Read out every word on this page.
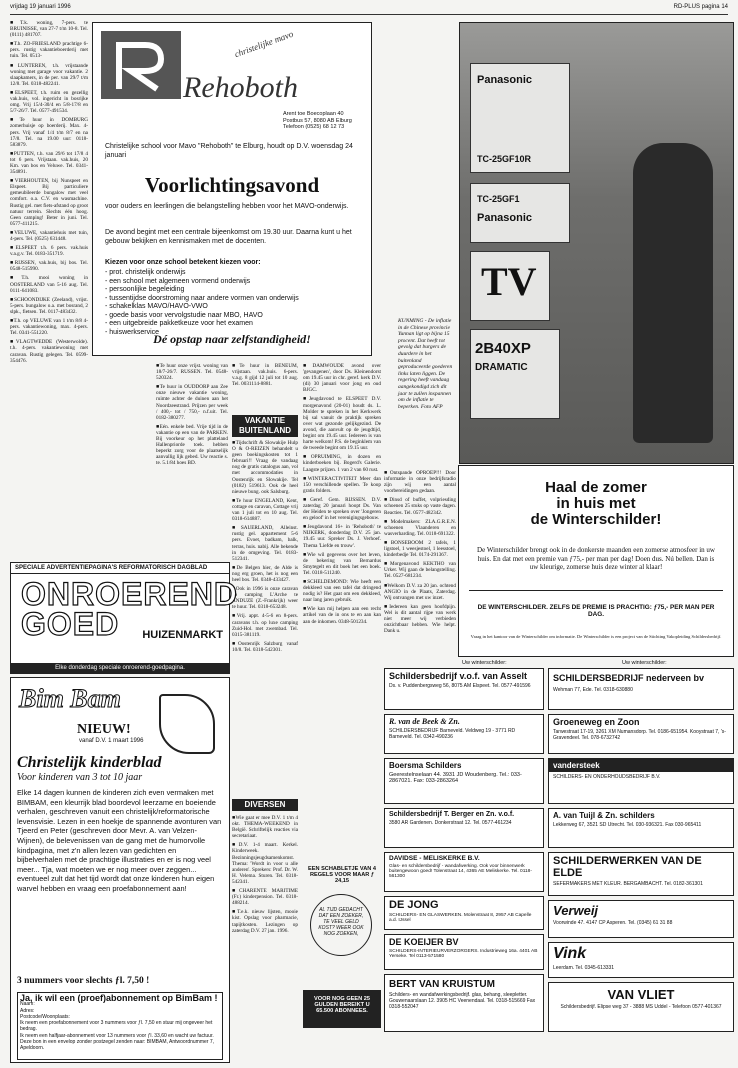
vrijdag 19 januari 1996	RD-PLUS pagina 14

■ T.k. woning, 7-pers. te BRUINISSE, van 27-7 t/m 10-8. Tel. (0111) 481707.

■ T.h. ZO-FRIESLAND prachtige 6-pers. rustig vakantieboerderij met tuin. Tel. 0513-

■ LUNTEREN, t.h. vrijstaande woning met garage voor vakantie. 2 slaapkamers, in de per. van 29/7 t/m 12/8. Tel. 0318-482241.

■ ELSPEET, t.h. ruim en gezellig vak.huis, vol. ingericht in bosrijke omg. Vrij 15/4-30/4 en 5/8-17/8 en 5/7-26/7. Tel. 0577-491534.

■ Te huur in DOMBURG zomerhuisje op boerderij. Max. 4-pers. Vrij vanaf 1/4 t/m 8/7 en na 17/8. Tel. na 19.00 uur: 0118-583879.

■ PUTTEN, t.h. van 29/6 tot 17/8 4 tot 6 pers. Vrijstaan. vak.huis, 20 Km. van bos en Veluwe. Tel. 0341-354891.

■ VIERHOUTEN, bij Nunspeet en Elspeet. Bij particuliere gemeubileerde bungalow met veel comfort. o.a. C.V. en wasmachine. Rustig gel. met fiets-afstand op groot natuur terrein. Slechts één hoog. Geen camping! Beter in juni. Tel. 0577-411215.

■ VELUWE, vakantiehuis met tuin, 4-pers. Tel. (0525) 631448.

■ ELSPEET t.h. 6 pers. vak.huis v.a.g.v. Tel. 0183-351719.

■ RIJSSEN, vak.huis, bij bos. Tel. 0548-515990.

■ T.h. mooi woning in OOSTERLAND van 5-16 aug. Tel. 0111-641083.

■ SCHOONDIJKE (Zeeland), vrijst. 5-pers. bungalow o.a. met bosrand, 2 slpk., fietsen. Tel. 0117-483432.

■ T.h. op VELUWE van 1 t/m 8/8 4-pers. vakantiewoning, max. 4-pers. Tel. 0341-551220.

■ VLAGTWEDDE (Westerwolde). t.h. 4-pers. vakantiewoning met caravan. Rustig gelegen. Tel. 0599-354476.

christelijke mavo
Rehoboth
Arent toe Boecoplaan 40
Postbus 57, 8080 AB Elburg
Telefoon (0525) 68 12 73
Christelijke school voor Mavo "Rehoboth" te Elburg, houdt op D.V. woensdag 24 januari
Voorlichtingsavond
voor ouders en leerlingen die belangstelling hebben voor het MAVO-onderwijs.
De avond begint met een centrale bijeenkomst om 19.30 uur. Daarna kunt u het gebouw bekijken en kennismaken met de docenten.
Kiezen voor onze school betekent kiezen voor:
- prot. christelijk onderwijs
- een school met algemeen vormend onderwijs
- persoonlijke begeleiding
- tussentijdse doorstroming naar andere vormen van onderwijs
- schakelklas MAVO/HAVO-VWO
- goede basis voor vervolgstudie naar MBO, HAVO
- een uitgebreide pakketkeuze voor het examen
- huiswerkservice
Dé opstap naar zelfstandigheid!
Panasonic
TC-25GF10R
TC-25GF1
Panasonic
TV
2B40XP
DRAMATIC
KUNMING - De inflatie in de Chinese provincie Yunnan ligt op bijna 15 procent. Dat heeft tot gevolg dat burgers de duurdere in het buitenland geproduceerde goederen links laten liggen. De regering heeft vandaag aangekondigd zich dit jaar te zullen inspannen om de inflatie te beperken. Foto AFP

■ Te huur onze vrijst. woning van 18/7-26/7. RUSSEN. Tel. 0548-520324.

■ Te huur in OUDDORP aan Zee onze nieuwe vakantie woning, ruimte achter de duinen aan het Noordzeestrand. Prijzen per week / 400,- tot / 750,- n.f.uit. Tel. 0182-380277.

■ Eén. enkele bed. Vrije tijd in de vakantie op een van de PARKEN. Bij voorkeur op het platteland Hallenpriorde toek. hebben beperkt zorg voor de plaatselijk aanvallig lijk gebed. Uw reactie s. te. 5.1/84 hoes BD.

VAKANTIE BUITENLAND

■ Te huur in BENEUM, vrijstaan. vak.huis. 6-pers. v.a.g. 8 gijd 12 juli tot 10 aug. Tel. 0031114-8881.

■ Tijdschrift & Slowakije Hulp O & O-REIZEN behandelt u geen boekingskosten tot 1 februari!! Vraag de vandaag nog de gratis catalogus aan, vol met accommodaties in Oostenrijk en Slowakije. Tel (0182) 519613. Ook de heel nieuwe bung. ook Salsburg.

■ Te huur ENGELAND, Kent, cottage en caravan, Cottage vrij van 1 juli tot en 10 aug. Tel. 0318-614887.

■ SAUERLAND, Alleinst. rustig gel. appartement 5-6 pers. Evoet, badkam, balk, terras, huis. nabij. Alle bekende in de omgeving. Tel. 0183-512341.

■ De Belgen hier, de Alde is nog erg groen, het is nog een heel bos. Tel. 0348-433427.

■ Ook in 1996 is onze caravan op camping L'Arche te ANDUZE (Z.-Frankrijk) weer te huur. Tel. 0318-653248.

■ Vrij. appt. 4-5-6 en 8-pers. caravans t.h. op luxe camping Zuid-Hol. met zwembad. Tel. 0315-381119.

■ Oostenrijk Salzburg vanaf 10/8. Tel. 0318-542301.

DIVERSEN

■ Wie gaat er mee D.V. 1 t/m 4 okt. THEMA-WEEKEND in België. Schriftelijk reacties via secretariaat.

■ D.V. 1-4 maart. Kerkel. Kinderweek. Bezinningsjeugdsamenkomst. Thema: 'Wordt in voor u alle anderen'. Sprekers: Prof. Dr. W. H. Velema. Sturen. Tel. 0318-542341.

■ CHARENTE MARITIME (Fr.) kinderpension. Tel. 0318-488214.

■ T.e.k. nieuw lijsten, mooie kist. Opslag voor pharmacie, tapijtkosten. Lezingen op zaterdag D.V. 27 jan. 1996.

■ DAMWOUDE avond over 'gevangenen', door Ds. Kleinendorst om 19.45 uur in chr. geref. kerk D.V. (di) 30 januari voor jong en oud BJGC.

■ Jeugdavond te ELSPEET D.V. morgenavond (20-01) houdt ds. L. Molder te spreken in het Kerkwerk bij sal vanuit de praktijk spreken over wat gezonde gelijkgezind. De avond, die aanvult op de jeugdtijd, begint om 19.45 uur. Iedereen is van harte welkom! P.S. de beginklem van de tweede begint om 19.15 uur.

■ OPRUIMING, in dozen en kinderboeken bij. Bogerd's Galerie. Laagste prijzen. 1 van 2 van 60 rust.

■ WINTERACTIVITEIT Meer dan 150 verschillende spellen. Te koop gratis folders.

■ Geref. Gem. RIJSSEN. D.V. zaterdag 20 januari hoopt Ds. Van der Heiden te spreken over 'Jongeren en geloof' in het verenigingsgebouw.

■ Jeugdavond 16+ in 'Rehoboth' te NIJKERK, donderdag D.V. 25 jan. 19.45 uur. Spreker Ds. J. Verhoef. Thema 'Liefde en trouw'.

■ Wie wil gegevens over het leven, de bekering van Bernardus Smytegelt en dit boek het een boek. Tel. 0318-511240.

■ SCHELDEMOND: Wie heeft een dekkleed van een tafel dat dringend nodig is? Het gaat om een dekkleed, naar lang jaren gebruik.

■ Wie kan mij helpen aan een recht artikel van de in ons te en aan kan aan de inkomen. 0348-501234.

EEN SCHABLETJE VAN 4 REGELS VOOR MAAR ƒ 24,15
AL TIJD GEDACHT DAT EEN ZOEKER, TE VEEL GELD KOST? WEER OOK NOG ZOEKEN,
VOOR NOG GEEN 25 GULDEN BEREIKT U 65.500 ABONNEES.

■ Ontspande OPROEP!!! Door informatie in onze bedrijfsradio zijn wij een aantal voorbereidingen gedaan.

■ Dinsd of buffet, volpriesding schoenen 25 stuks op vaste dagen. Reacties. Tel. 0577-482342.

■ Modelmakers: ZLA.G.R.E.N. schoenen Vlaanderen en wasverharding. Tel. 0118-691322.

■ BONSEBOOM 2 tafels, 1 ligstoel, 1 weesjestoel, 1 leesstoel, kinderbedje Tel. 0174-291367.

■ Morgenavond KEKTHO van Urker. Wij gaan de belangstelling. Tel. 0527-681234.

■ Welkom D.V. za 20 jan. ochtend ANGIO in de Plaats, Zaterdag. Wij ontvangen met uw inzet.

■ Iedereen kan geen hoofdpijn. Wel is dit aantal rijpe van werk niet meer wij verbieden onzichtbaar hebben. Wie helpt. Dank u.

SPECIALE ADVERTENTIEPAGINA'S REFORMATORISCH DAGBLAD
ONROEREND GOED	HUIZENMARKT
Elke donderdag speciale onroerend-goedpagina.
Bim Bam
NIEUW!
vanaf D.V. 1 maart 1996
Christelijk kinderblad
Voor kinderen van 3 tot 10 jaar
Elke 14 dagen kunnen de kinderen zich even vermaken met BIMBAM, een kleurrijk blad boordevol leerzame en boeiende verhalen, geschreven vanuit een christelijk/reformatorische levensvisie. Lezen in een hoekje de spannende avonturen van Tjeerd en Peter (geschreven door Mevr. A. van Velzen-Wijnen), de belevenissen van de gang met de humorvolle kindpagina, met z'n allen lezen van gedichten en bijbelverhalen met de prachtige illustraties en er is nog veel meer... Tja, wat moeten we er nog meer over zeggen... eventueel zult dat het tijd wordt dat onze kinderen hun eigen warvel hebben en vraag een proefabonnement aan!
3 nummers voor slechts ƒl. 7,50 !
Ja, ik wil een (proef)abonnement op BimBam !
Naam:
Adres:
Postcode/Woonplaats:
Ik neem een proefabonnement voor 3 nummers voor ƒl. 7,50 en stuur mij ongeveer het bedrag.
Ik neem een halfjaar-abonnement voor 13 nummers voor ƒl. 33,60 en wacht uw factuur.
Deze bon in een envelop zonder postzegel zenden naar: BIMBAM, Antwoordnummer 7, Apeldoorn.
Haal de zomer
in huis met
de Winterschilder!
De Winterschilder brengt ook in de donkerste maanden een zomerse atmosfeer in uw huis. En dat met een premie van ƒ75,- per man per dag! Doen dus. Nú bellen. Dan is uw kleurige, zomerse huis deze winter al klaar!
DE WINTERSCHILDER. ZELFS DE PREMIE IS PRACHTIG: ƒ75,- PER MAN PER DAG.
Vraag in het kantoor van de Winterschilder om informatie. De Winterschilder is een project van de Stichting Vakopleiding Schildersbedrijf.
Uw winterschilder:	Uw winterschilder:
Schildersbedrijf v.o.f. van Asselt
Ds. v. Puddenbergsweg 56, 8075 AM Elspeet. Tel. 0577-491596
SCHILDERSBEDRIJF nederveen bv
Wehman 77, Ede. Tel. 0318-630880
R. van de Beek & Zn.
SCHILDERSBEDRIJF Barneveld. Veldweg 19 - 3771 RD Barneveld. Tel. 0342-490236
Groeneweg en Zoon
Tarwestraat 17-19, 3261 XM Numansdorp. Tel. 0186-651954. Kooystraat 7, 's-Gravendeel. Tel. 078-6732742
Boersma Schilders
Geerestelnselaan 44. 3931 JD Woudenberg. Tel.: 033-2867021. Fax: 033-2863264
vandersteek
SCHILDERS- EN ONDERHOUDSBEDRIJF B.V.
Schildersbedrijf T. Berger en Zn. v.o.f.
3580 AR Gardenen. Donkerstraat 12. Tel. 0577-461234
A. van Tuijl & Zn. schilders
Lekkerweg 67, 3521 SD Utrecht. Tel. 030-936321. Fax 030-965411
DAVIDSE - MELISKERKE B.V.
Glas- en schildersbedrijf - wandafwerking. Ook voor binnenwerk buitengewoon goed! Tolenstraat 14, 4365 AE Meliskerke. Tel. 0118-561300
SCHILDERWERKEN VAN DE ELDE
SEFERMAKERS MET KLEUR. BERGAMBACHT. Tel. 0182-361301
DE JONG
SCHILDERS- EN GLASWERKEN. Molenstraat 8, 2957 AB Capelle a.d. IJssel
Verweij
Voorwinde 47. 4147 CP Asperen. Tel. (0345) 61 31 88
DE KOEIJER BV
SCHILDERS-INTERIEURVERZORGERS. Industrieweg 16a. 4401 AB Yerseke. Tel 0113-571580	Vink
Leerdam. Tel. 0345-613331
BERT VAN KRUISTUM
Schilders- en wandafwerkingsbedrijf. glas, behang, sleepletter. Gouwenaarslaan 12. 3905 HC Veenendaal. Tel. 0318-515669 Fax 0318-552047
VAN VLIET
Schildersbedrijf. Elipse weg 37 - 3888 MS Uddel - Telefoon 0577-401367
